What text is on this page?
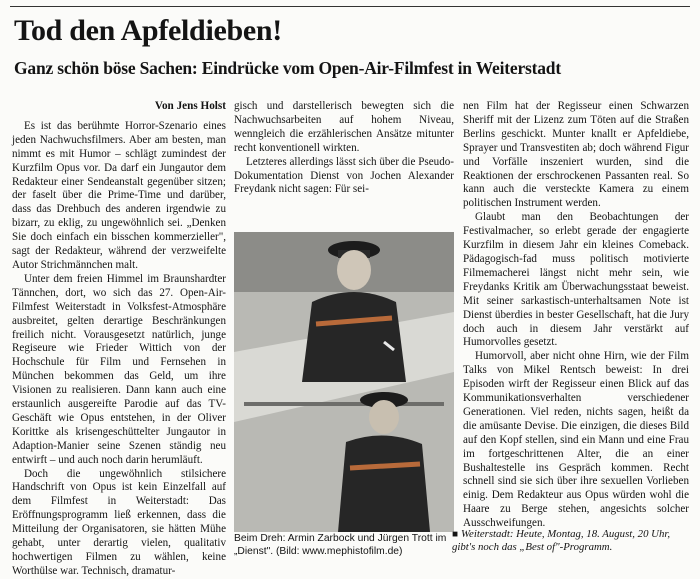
Tod den Apfeldieben!
Ganz schön böse Sachen: Eindrücke vom Open-Air-Filmfest in Weiterstadt
Von Jens Holst

Es ist das berühmte Horror-Szenario eines jeden Nachwuchsfilmers. Aber am besten, man nimmt es mit Humor – schlägt zumindest der Kurzfilm Opus vor. Da darf ein Jungautor dem Redakteur einer Sendeanstalt gegenüber sitzen; der faselt über die Prime-Time und darüber, dass das Drehbuch des anderen irgendwie zu bizarr, zu eklig, zu ungewöhnlich sei. „Denken Sie doch einfach ein bisschen kommerzieller", sagt der Redakteur, während der verzweifelte Autor Strichmännchen malt.

Unter dem freien Himmel im Braunshardter Tännchen, dort, wo sich das 27. Open-Air-Filmfest Weiterstadt in Volksfest-Atmosphäre ausbreitet, gelten derartige Beschränkungen freilich nicht. Vorausgesetzt natürlich, junge Regiseure wie Frieder Wittich von der Hochschule für Film und Fernsehen in München bekommen das Geld, um ihre Visionen zu realisieren. Dann kann auch eine erstaunlich ausgereifte Parodie auf das TV-Geschäft wie Opus entstehen, in der Oliver Korittke als krisengeschüttelter Jungautor in Adaption-Manier seine Szenen ständig neu entwirft – und auch noch darin herumläuft.

Doch die ungewöhnlich stilsichere Handschrift von Opus ist kein Einzelfall auf dem Filmfest in Weiterstadt: Das Eröffnungsprogramm ließ erkennen, dass die Mitteilung der Organisatoren, sie hätten Mühe gehabt, unter derartig vielen, qualitativ hochwertigen Filmen zu wählen, keine Worthülse war. Technisch, dramatur-

gisch und darstellerisch bewegten sich die Nachwuchsarbeiten auf hohem Niveau, wenngleich die erzählerischen Ansätze mitunter recht konventionell wirkten.

Letzteres allerdings lässt sich über die Pseudo-Dokumentation Dienst von Jochen Alexander Freydank nicht sagen: Für sei-

Beim Dreh: Armin Zarbock und Jürgen Trott im „Dienst". (Bild: www.mephistofilm.de)

nen Film hat der Regisseur einen Schwarzen Sheriff mit der Lizenz zum Töten auf die Straßen Berlins geschickt. Munter knallt er Apfeldiebe, Sprayer und Transvestiten ab; doch während Figur und Vorfälle inszeniert wurden, sind die Reaktionen der erschrockenen Passanten real. So kann auch die versteckte Kamera zu einem politischen Instrument werden.

Glaubt man den Beobachtungen der Festivalmacher, so erlebt gerade der engagierte Kurzfilm in diesem Jahr ein kleines Comeback. Pädagogisch-fad muss politisch motivierte Filmemacherei längst nicht mehr sein, wie Freydanks Kritik am Überwachungsstaat beweist. Mit seiner sarkastisch-unterhaltsamen Note ist Dienst überdies in bester Gesellschaft, hat die Jury doch auch in diesem Jahr verstärkt auf Humorvolles gesetzt.

Humorvoll, aber nicht ohne Hirn, wie der Film Talks von Mikel Rentsch beweist: In drei Episoden wirft der Regisseur einen Blick auf das Kommunikationsverhalten verschiedener Generationen. Viel reden, nichts sagen, heißt da die amüsante Devise. Die einzigen, die dieses Bild auf den Kopf stellen, sind ein Mann und eine Frau im fortgeschrittenen Alter, die an einer Bushaltestelle ins Gespräch kommen. Recht schnell sind sie sich über ihre sexuellen Vorlieben einig. Dem Redakteur aus Opus würden wohl die Haare zu Berge stehen, angesichts solcher Ausschweifungen.

■ Weiterstadt: Heute, Montag, 18. August, 20 Uhr, gibt's noch das „Best of"-Programm.
